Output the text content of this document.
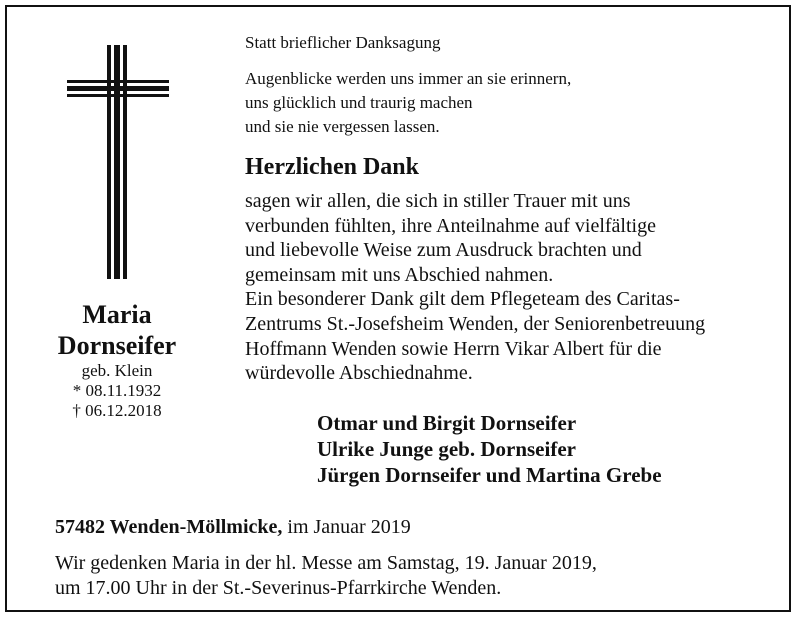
Maria
Dornseifer
geb. Klein
* 08.11.1932
† 06.12.2018
Statt brieflicher Danksagung
Augenblicke werden uns immer an sie erinnern,
uns glücklich und traurig machen
und sie nie vergessen lassen.
Herzlichen Dank
sagen wir allen, die sich in stiller Trauer mit uns
verbunden fühlten, ihre Anteilnahme auf vielfältige
und liebevolle Weise zum Ausdruck brachten und
gemeinsam mit uns Abschied nahmen.
Ein besonderer Dank gilt dem Pflegeteam des Caritas-
Zentrums St.-Josefsheim Wenden, der Seniorenbetreuung
Hoffmann Wenden sowie Herrn Vikar Albert für die
würdevolle Abschiednahme.
Otmar und Birgit Dornseifer
Ulrike Junge geb. Dornseifer
Jürgen Dornseifer und Martina Grebe
57482 Wenden-Möllmicke, im Januar 2019
Wir gedenken Maria in der hl. Messe am Samstag, 19. Januar 2019,
um 17.00 Uhr in der St.-Severinus-Pfarrkirche Wenden.
